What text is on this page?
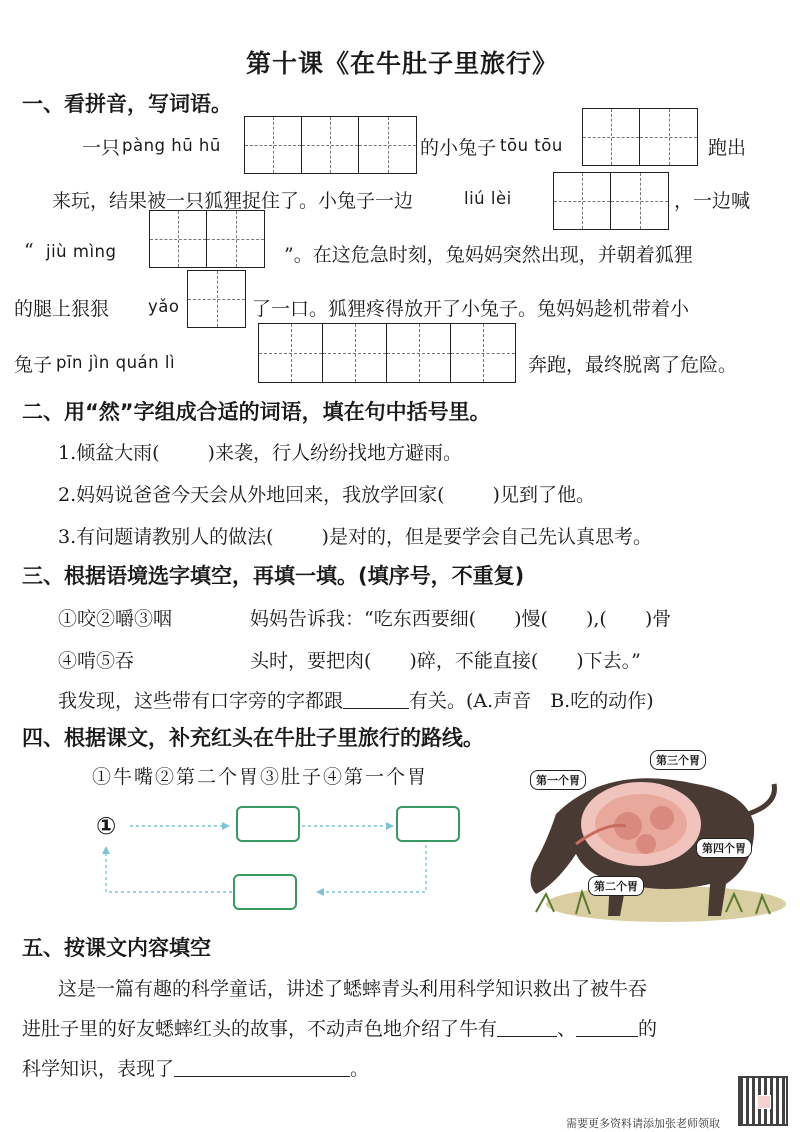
第十课《在牛肚子里旅行》
一、看拼音，写词语。
一只 pàng hū hū	的小兔子 tōu tōu	跑出
来玩，结果被一只狐狸捉住了。小兔子一边	liú lèi	，一边喊
“ jiù mìng	”。在这危急时刻，兔妈妈突然出现，并朝着狐狸
的腿上狠狠 yǎo	了一口。狐狸疼得放开了小兔子。兔妈妈趁机带着小
兔子 pīn jìn quán lì	奔跑，最终脱离了危险。
二、用“然”字组成合适的词语，填在句中括号里。
1.倾盆大雨(	)来袭，行人纷纷找地方避雨。
2.妈妈说爸爸今天会从外地回来，我放学回家(	)见到了他。
3.有问题请教别人的做法(	)是对的，但是要学会自己先认真思考。
三、根据语境选字填空，再填一填。(填序号，不重复)
①咬②嚼③咽
④啃⑤吞
妈妈告诉我：“吃东西要细( )慢( ),( )骨
头时，要把肉( )碎，不能直接( )下去。”
我发现，这些带有口字旁的字都跟	有关。(A.声音　B.吃的动作)
四、根据课文，补充红头在牛肚子里旅行的路线。
①牛嘴②第二个胃③肚子④第一个胃
①
第一个胃
第三个胃
第四个胃
第二个胃
五、按课文内容填空
这是一篇有趣的科学童话，讲述了蟋蟀青头利用科学知识救出了被牛吞
进肚子里的好友蟋蟀红头的故事，不动声色地介绍了牛有	、	的
科学知识，表现了	。
需要更多资料请添加张老师领取
